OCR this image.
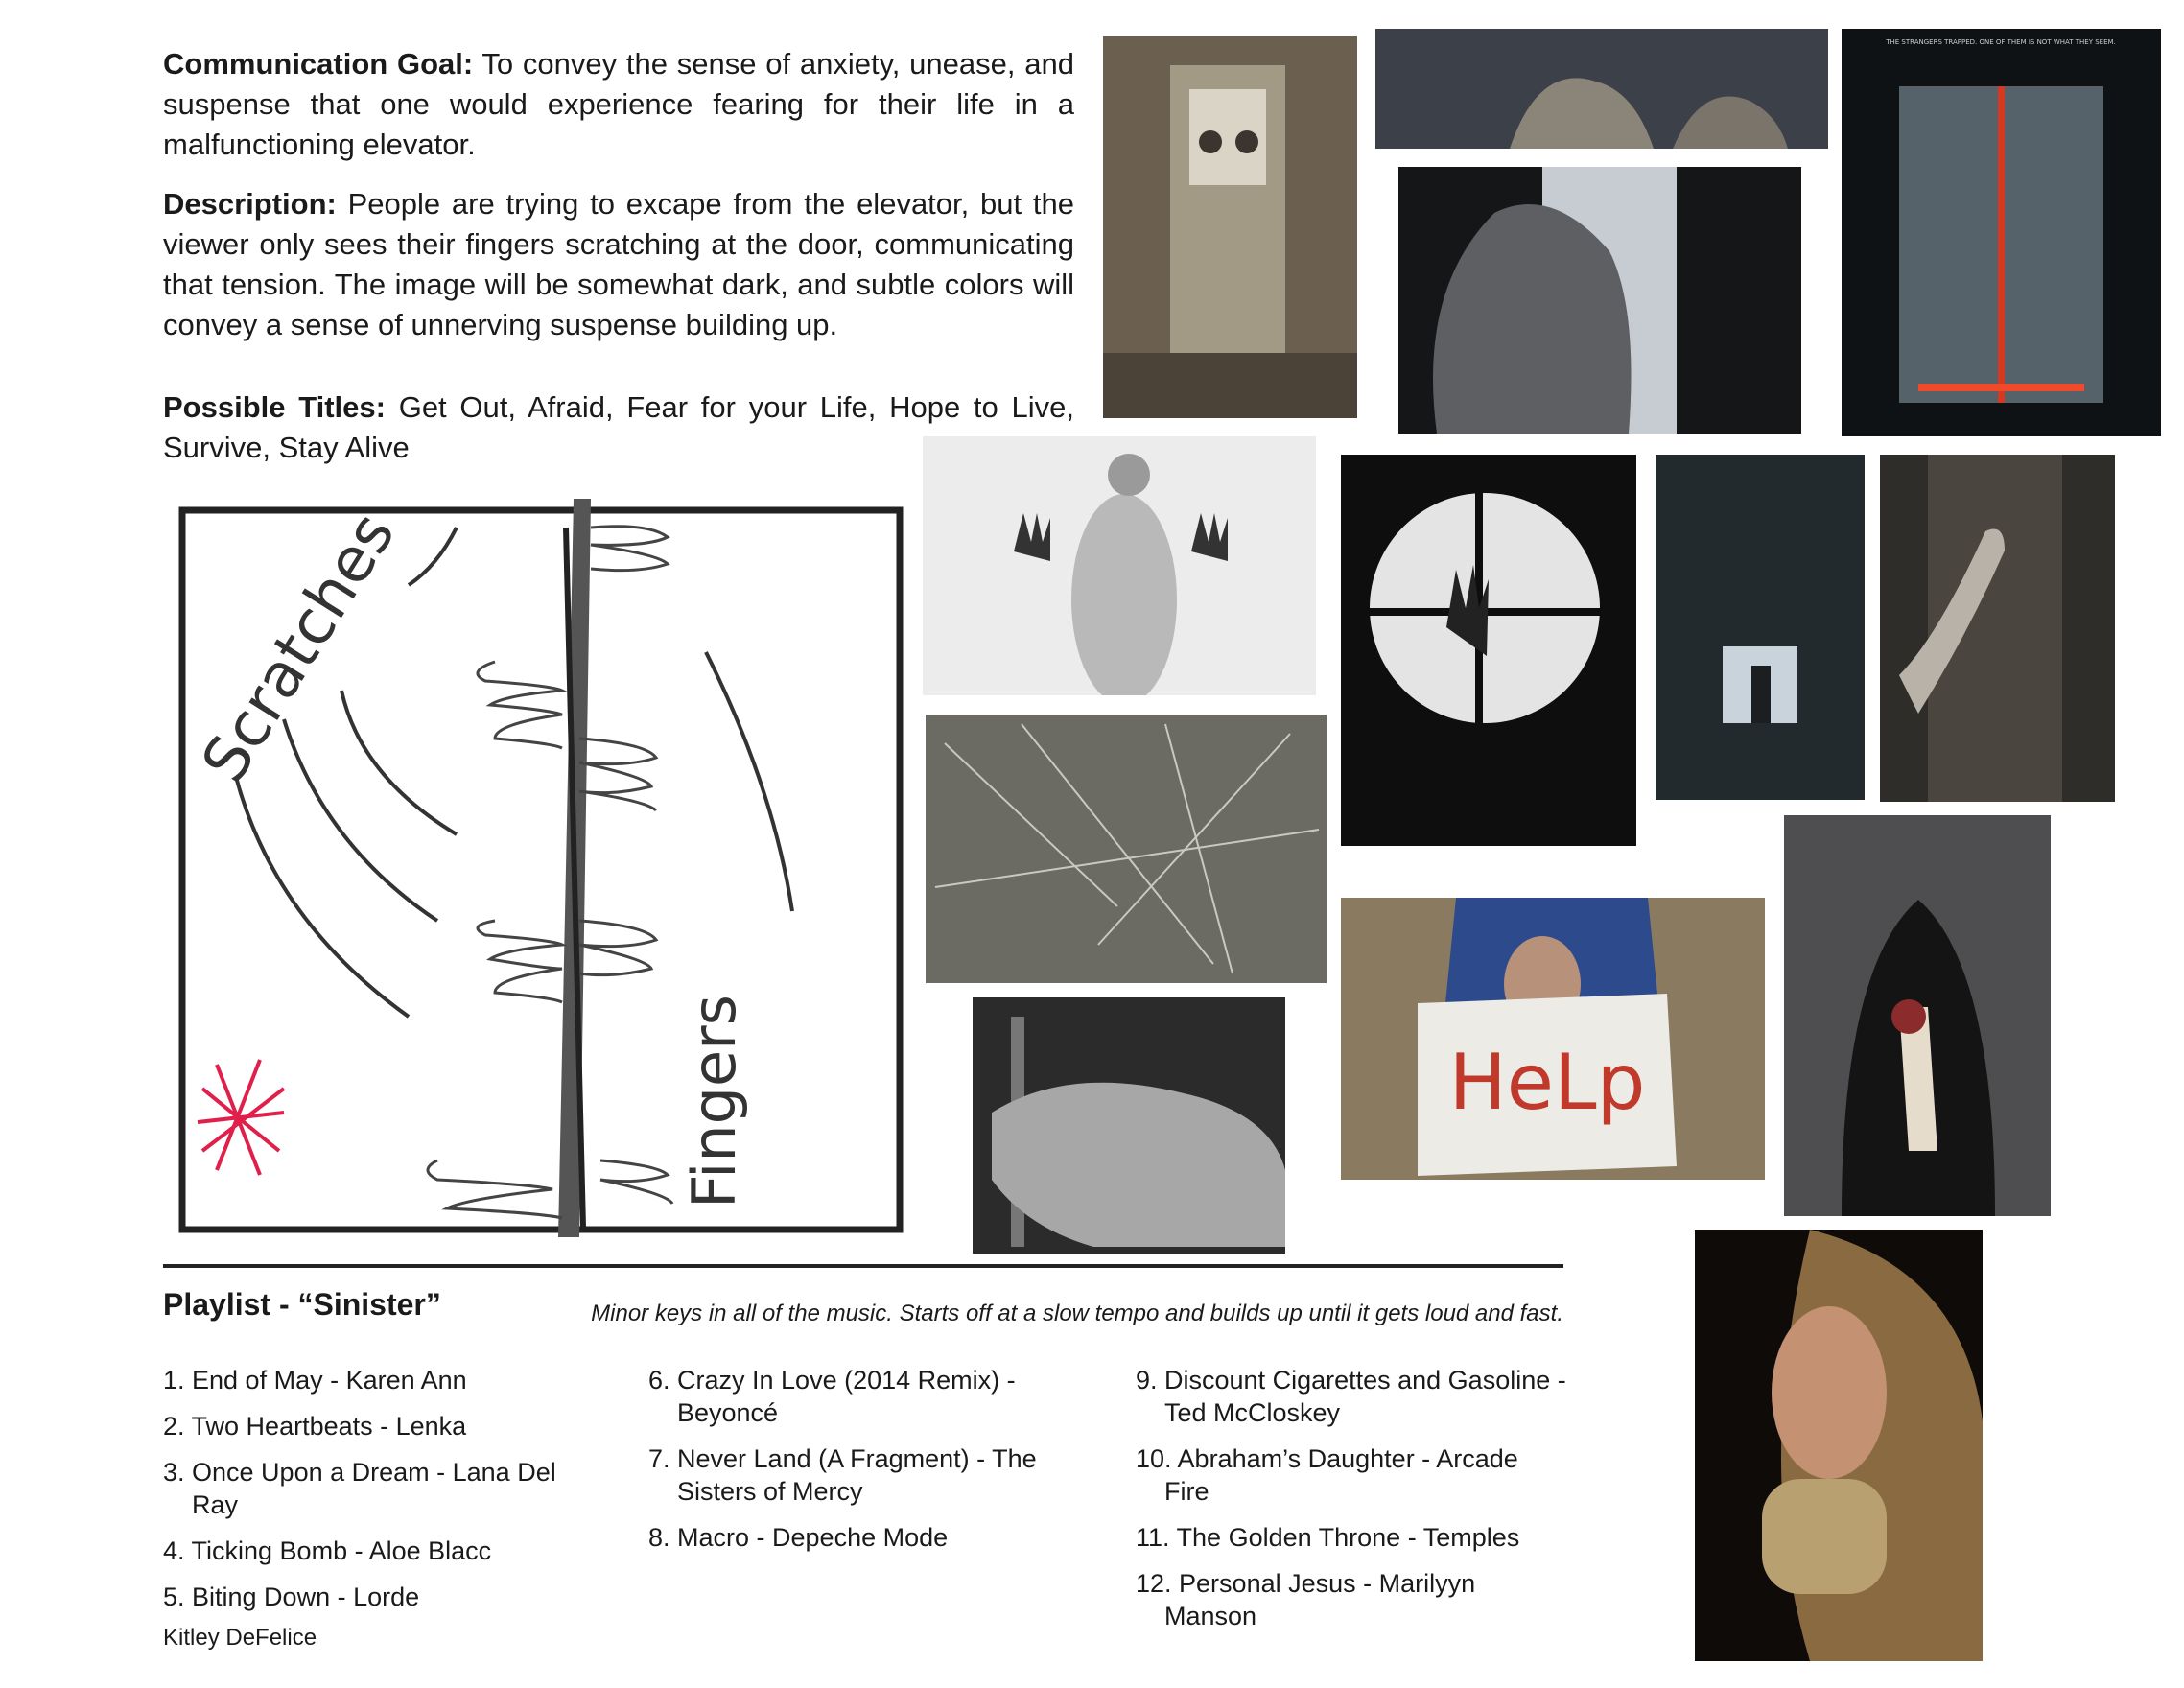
Communication Goal: To convey the sense of anxiety, unease, and suspense that one would experience fearing for their life in a malfunctioning elevator.
Description: People are trying to excape from the elevator, but the viewer only sees their fingers scratching at the door, communicating that tension. The image will be somewhat dark, and subtle colors will convey a sense of unnerving suspense building up.
Possible Titles: Get Out, Afraid, Fear for your Life, Hope to Live, Survive, Stay Alive
Scratches
Fingers
THE STRANGERS TRAPPED. ONE OF THEM IS NOT WHAT THEY SEEM.
HeLp
Playlist - “Sinister”	Minor keys in all of the music. Starts off at a slow tempo and builds up until it gets loud and fast.
1. End of May - Karen Ann
2. Two Heartbeats - Lenka
3. Once Upon a Dream - Lana Del Ray
4. Ticking Bomb - Aloe Blacc
5. Biting Down - Lorde
6. Crazy In Love (2014 Remix) - Beyoncé
7. Never Land (A Fragment) - The Sisters of Mercy
8. Macro - Depeche Mode
9. Discount Cigarettes and Gasoline - Ted McCloskey
10. Abraham’s Daughter - Arcade Fire
11. The Golden Throne - Temples
12. Personal Jesus - Marilyyn Manson
Kitley DeFelice
